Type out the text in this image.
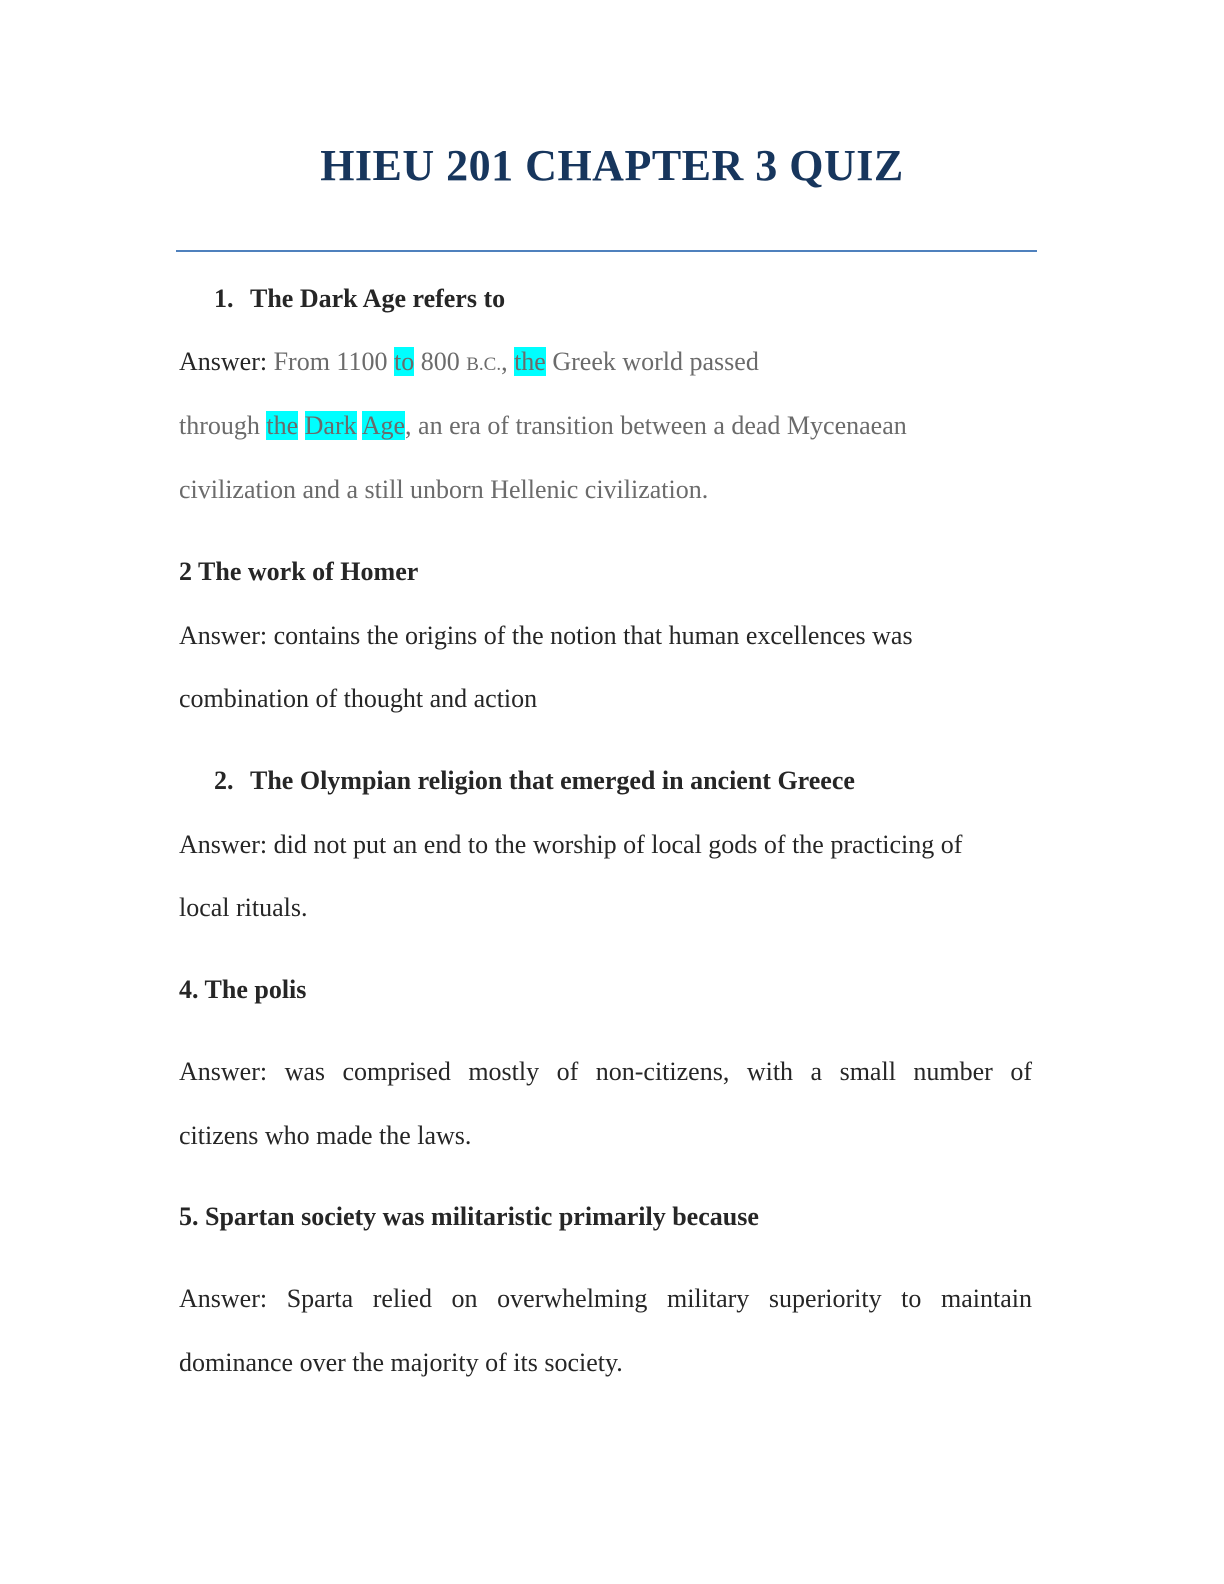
HIEU 201 CHAPTER 3 QUIZ
1. The Dark Age refers to
Answer: From 1100 to 800 B.C., the Greek world passed
through the Dark Age, an era of transition between a dead Mycenaean
civilization and a still unborn Hellenic civilization.
2 The work of Homer
Answer: contains the origins of the notion that human excellences was
combination of thought and action
2. The Olympian religion that emerged in ancient Greece
Answer: did not put an end to the worship of local gods of the practicing of
local rituals.
4. The polis
Answer: was comprised mostly of non-citizens, with a small number of
citizens who made the laws.
5. Spartan society was militaristic primarily because
Answer: Sparta relied on overwhelming military superiority to maintain
dominance over the majority of its society.
